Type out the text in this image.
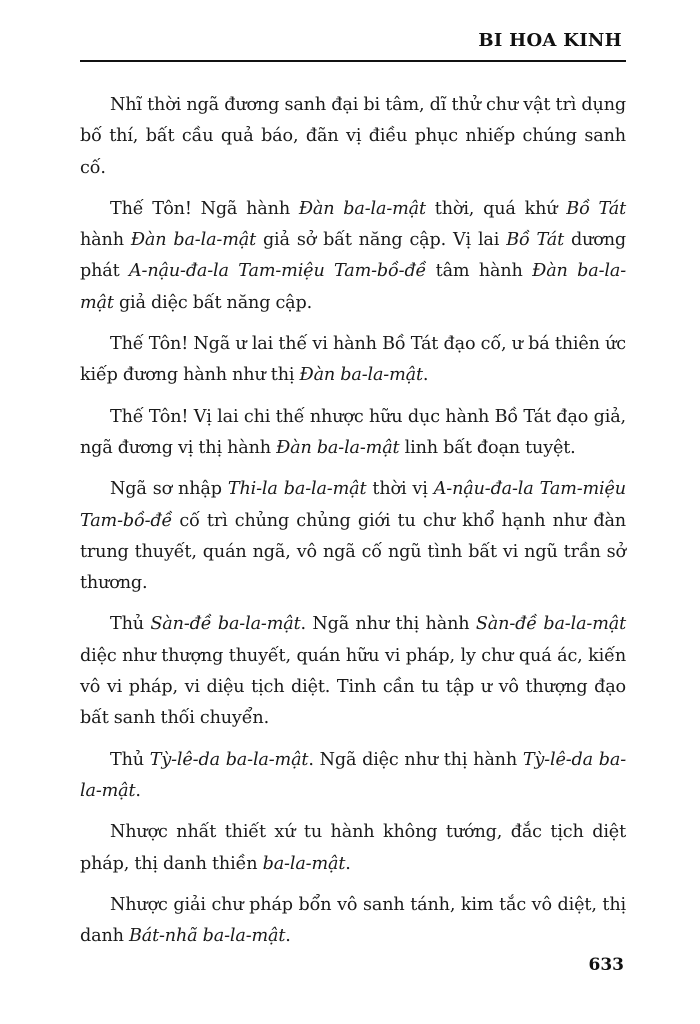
BI HOA KINH

Nhĩ thời ngã đương sanh đại bi tâm, dĩ thử chư vật trì dụng bố thí, bất cầu quả báo, đãn vị điều phục nhiếp chúng sanh cố.

Thế Tôn! Ngã hành Đàn ba-la-mật thời, quá khứ Bồ Tát hành Đàn ba-la-mật giả sở bất năng cập. Vị lai Bồ Tát dương phát A-nậu-đa-la Tam-miệu Tam-bồ-đề tâm hành Đàn ba-la-mật giả diệc bất năng cập.

Thế Tôn! Ngã ư lai thế vi hành Bồ Tát đạo cố, ư bá thiên ức kiếp đương hành như thị Đàn ba-la-mật.

Thế Tôn! Vị lai chi thế nhược hữu dục hành Bồ Tát đạo giả, ngã đương vị thị hành Đàn ba-la-mật linh bất đoạn tuyệt.

Ngã sơ nhập Thi-la ba-la-mật thời vị A-nậu-đa-la Tam-miệu Tam-bồ-đề cố trì chủng chủng giới tu chư khổ hạnh như đàn trung thuyết, quán ngã, vô ngã cố ngũ tình bất vi ngũ trần sở thương.

Thủ Sàn-đề ba-la-mật. Ngã như thị hành Sàn-đề ba-la-mật diệc như thượng thuyết, quán hữu vi pháp, ly chư quá ác, kiến vô vi pháp, vi diệu tịch diệt. Tinh cần tu tập ư vô thượng đạo bất sanh thối chuyển.

Thủ Tỳ-lê-da ba-la-mật. Ngã diệc như thị hành Tỳ-lê-da ba-la-mật.

Nhược nhất thiết xứ tu hành không tướng, đắc tịch diệt pháp, thị danh thiền ba-la-mật.

Nhược giải chư pháp bổn vô sanh tánh, kim tắc vô diệt, thị danh Bát-nhã ba-la-mật.

633
